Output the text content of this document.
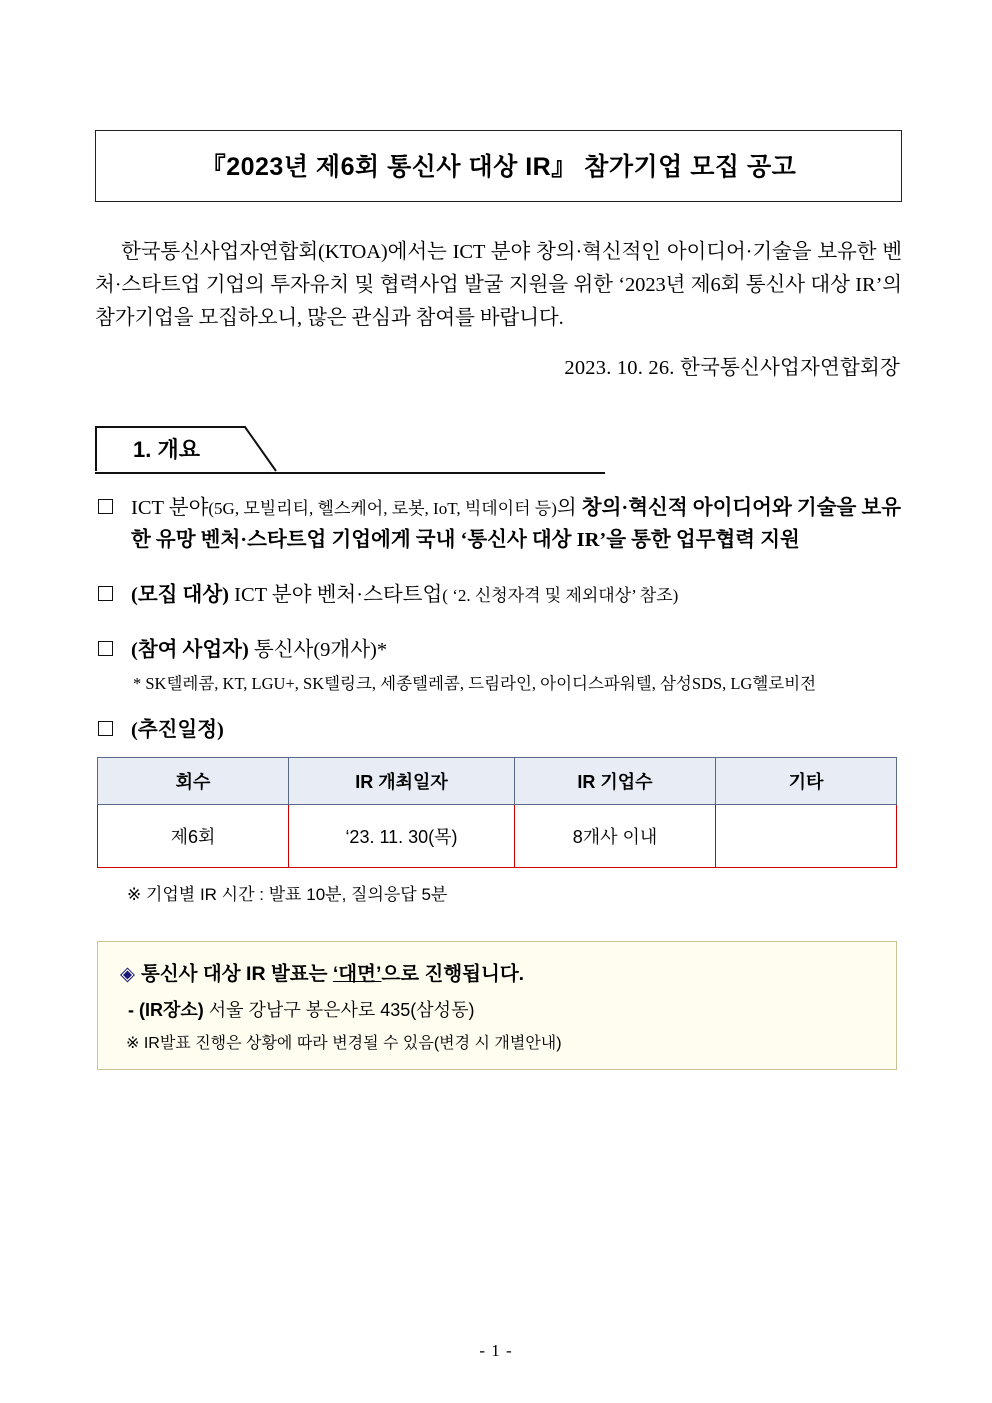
『2023년 제6회 통신사 대상 IR』 참가기업 모집 공고

한국통신사업자연합회(KTOA)에서는 ICT 분야 창의·혁신적인 아이디어·기술을 보유한 벤처·스타트업 기업의 투자유치 및 협력사업 발굴 지원을 위한 ‘2023년 제6회 통신사 대상 IR’의 참가기업을 모집하오니, 많은 관심과 참여를 바랍니다.

2023. 10. 26. 한국통신사업자연합회장

1. 개요
ICT 분야(5G, 모빌리티, 헬스케어, 로봇, IoT, 빅데이터 등)의 창의·혁신적 아이디어와 기술을 보유한 유망 벤처·스타트업 기업에게 국내 ‘통신사 대상 IR’을 통한 업무협력 지원
(모집 대상) ICT 분야 벤처·스타트업( ‘2. 신청자격 및 제외대상’ 참조)
(참여 사업자) 통신사(9개사)*
* SK텔레콤, KT, LGU+, SK텔링크, 세종텔레콤, 드림라인, 아이디스파워텔, 삼성SDS, LG헬로비전
(추진일정)
회수	IR 개최일자	IR 기업수	기타
제6회	‘23. 11. 30(목)	8개사 이내	
※ 기업별 IR 시간 : 발표 10분, 질의응답 5분
◈ 통신사 대상 IR 발표는 ‘대면’으로 진행됩니다.
- (IR장소) 서울 강남구 봉은사로 435(삼성동)
※ IR발표 진행은 상황에 따라 변경될 수 있음(변경 시 개별안내)
- 1 -
